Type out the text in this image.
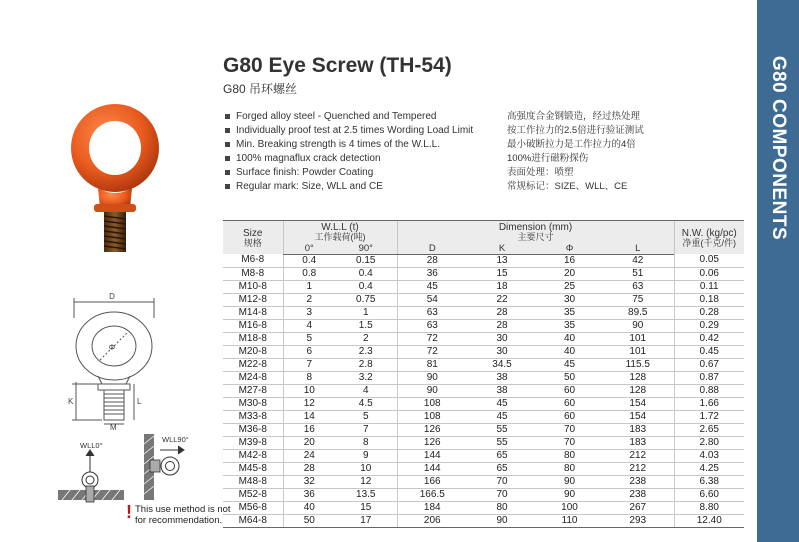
G80 COMPONENTS
G80 Eye Screw (TH-54)
G80 吊环螺丝
Forged alloy steel - Quenched and Tempered
Individually proof test at 2.5 times Wording Load Limit
Min. Breaking strength is 4 times of the W.L.L.
100% magnaflux crack detection
Surface finish: Powder Coating
Regular mark: Size, WLL and CE
高强度合金钢锻造，经过热处理
按工作拉力的2.5倍进行验证测试
最小破断拉力是工作拉力的4倍
100%进行磁粉探伤
表面处理：喷塑
常规标记：SIZE、WLL、CE
D
Φ
K	L
M
WLL0°
WLL90°
! This use method is not
for recommendation.
Size
规格	W.L.L (t)
工作载荷(吨)		Dimension (mm)
主要尺寸				N.W. (kg/pc)
净重(千克/件)

	0°	90°	D	K	Φ	L	
M6-8	0.4	0.15	28	13	16	42	0.05
M8-8	0.8	0.4	36	15	20	51	0.06
M10-8	1	0.4	45	18	25	63	0.11
M12-8	2	0.75	54	22	30	75	0.18
M14-8	3	1	63	28	35	89.5	0.28
M16-8	4	1.5	63	28	35	90	0.29
M18-8	5	2	72	30	40	101	0.42
M20-8	6	2.3	72	30	40	101	0.45
M22-8	7	2.8	81	34.5	45	115.5	0.67
M24-8	8	3.2	90	38	50	128	0.87
M27-8	10	4	90	38	60	128	0.88
M30-8	12	4.5	108	45	60	154	1.66
M33-8	14	5	108	45	60	154	1.72
M36-8	16	7	126	55	70	183	2.65
M39-8	20	8	126	55	70	183	2.80
M42-8	24	9	144	65	80	212	4.03
M45-8	28	10	144	65	80	212	4.25
M48-8	32	12	166	70	90	238	6.38
M52-8	36	13.5	166.5	70	90	238	6.60
M56-8	40	15	184	80	100	267	8.80
M64-8	50	17	206	90	110	293	12.40
